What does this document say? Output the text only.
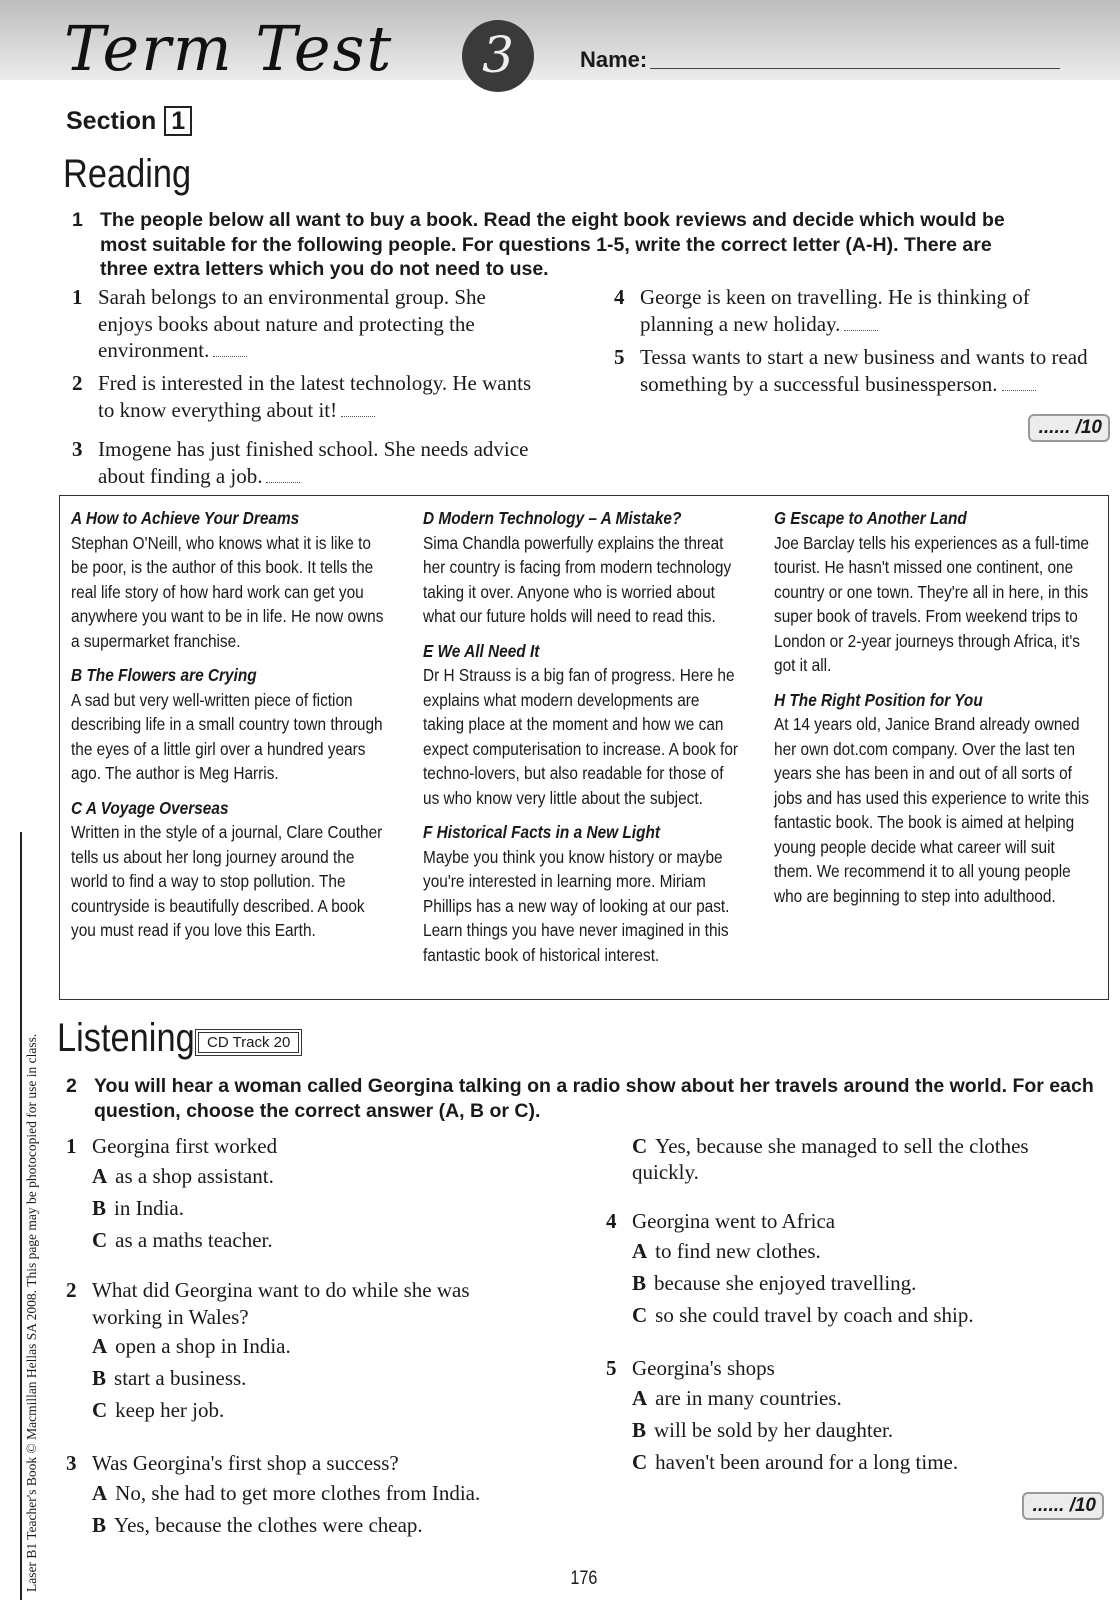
Term Test	3	Name:
Section 1
Reading
1 The people below all want to buy a book. Read the eight book reviews and decide which would be most suitable for the following people. For questions 1-5, write the correct letter (A-H). There are three extra letters which you do not need to use.
1 Sarah belongs to an environmental group. She enjoys books about nature and protecting the environment.
2 Fred is interested in the latest technology. He wants to know everything about it!
3 Imogene has just finished school. She needs advice about finding a job.
4 George is keen on travelling. He is thinking of planning a new holiday.
5 Tessa wants to start a new business and wants to read something by a successful businessperson.
...... /10
A How to Achieve Your Dreams
Stephan O'Neill, who knows what it is like to be poor, is the author of this book. It tells the real life story of how hard work can get you anywhere you want to be in life. He now owns a supermarket franchise.
B The Flowers are Crying
A sad but very well-written piece of fiction describing life in a small country town through the eyes of a little girl over a hundred years ago. The author is Meg Harris.
C A Voyage Overseas
Written in the style of a journal, Clare Couther tells us about her long journey around the world to find a way to stop pollution. The countryside is beautifully described. A book you must read if you love this Earth.
D Modern Technology – A Mistake?
Sima Chandla powerfully explains the threat her country is facing from modern technology taking it over. Anyone who is worried about what our future holds will need to read this.
E We All Need It
Dr H Strauss is a big fan of progress. Here he explains what modern developments are taking place at the moment and how we can expect computerisation to increase. A book for techno-lovers, but also readable for those of us who know very little about the subject.
F Historical Facts in a New Light
Maybe you think you know history or maybe you're interested in learning more. Miriam Phillips has a new way of looking at our past. Learn things you have never imagined in this fantastic book of historical interest.
G Escape to Another Land
Joe Barclay tells his experiences as a full-time tourist. He hasn't missed one continent, one country or one town. They're all in here, in this super book of travels. From weekend trips to London or 2-year journeys through Africa, it's got it all.
H The Right Position for You
At 14 years old, Janice Brand already owned her own dot.com company. Over the last ten years she has been in and out of all sorts of jobs and has used this experience to write this fantastic book. The book is aimed at helping young people decide what career will suit them. We recommend it to all young people who are beginning to step into adulthood.
Listening CD Track 20
2 You will hear a woman called Georgina talking on a radio show about her travels around the world. For each question, choose the correct answer (A, B or C).
1 Georgina first worked
A as a shop assistant.
B in India.
C as a maths teacher.
2 What did Georgina want to do while she was working in Wales?
A open a shop in India.
B start a business.
C keep her job.
3 Was Georgina's first shop a success?
A No, she had to get more clothes from India.
B Yes, because the clothes were cheap.
C Yes, because she managed to sell the clothes quickly.
4 Georgina went to Africa
A to find new clothes.
B because she enjoyed travelling.
C so she could travel by coach and ship.
5 Georgina's shops
A are in many countries.
B will be sold by her daughter.
C haven't been around for a long time.
...... /10
Laser B1 Teacher's Book © Macmillan Hellas SA 2008. This page may be photocopied for use in class.	176
